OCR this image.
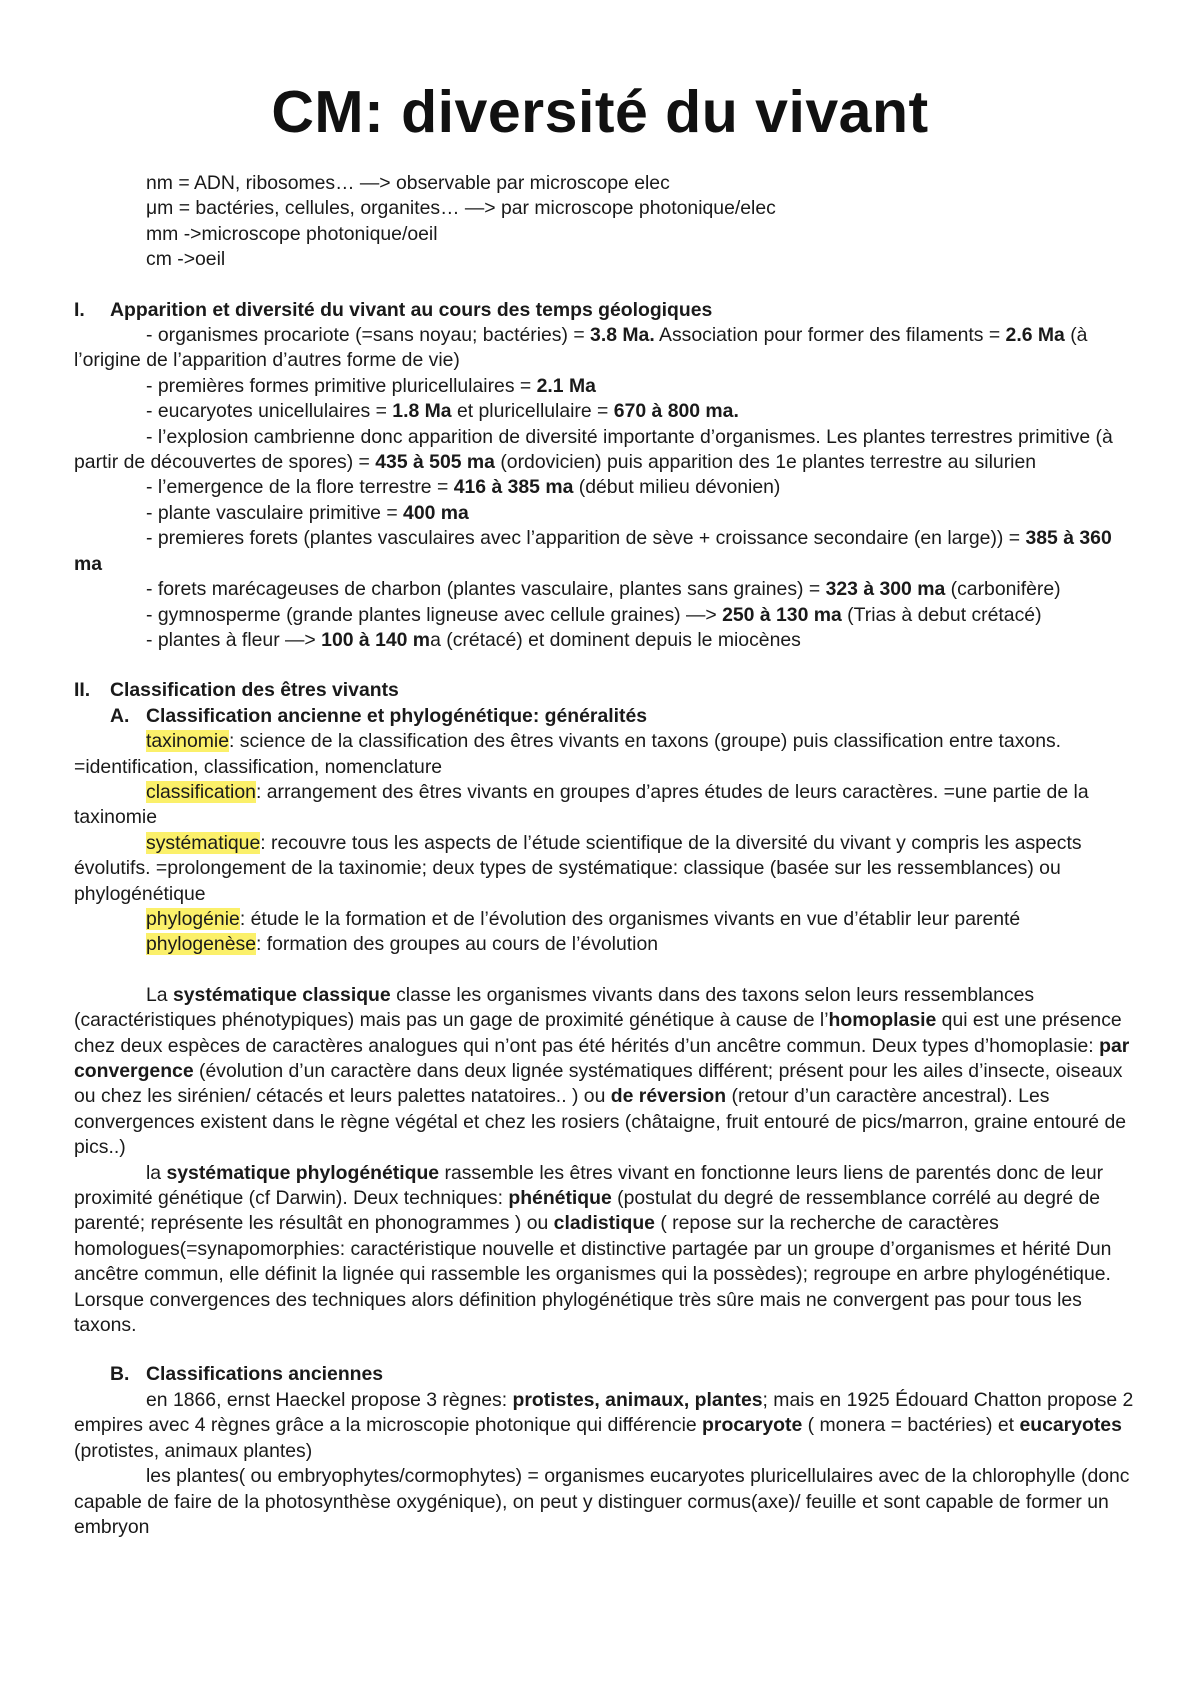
CM: diversité du vivant

nm = ADN, ribosomes… —> observable par microscope elec

μm = bactéries, cellules, organites… —> par microscope photonique/elec

mm ->microscope photonique/oeil

cm ->oeil

I.	Apparition et diversité du vivant au cours des temps géologiques

- organismes procariote (=sans noyau; bactéries) = 3.8 Ma. Association pour former des filaments = 2.6 Ma (à l’origine de l’apparition d’autres forme de vie)

- premières formes primitive pluricellulaires = 2.1 Ma

- eucaryotes unicellulaires = 1.8 Ma et pluricellulaire = 670 à 800 ma.

- l’explosion cambrienne donc apparition de diversité importante d’organismes. Les plantes terrestres primitive (à partir de découvertes de spores) = 435 à 505 ma (ordovicien) puis apparition des 1e plantes terrestre au silurien

- l’emergence de la flore terrestre = 416 à 385 ma (début milieu dévonien)

- plante vasculaire primitive = 400 ma

- premieres forets (plantes vasculaires avec l’apparition de sève + croissance secondaire (en large)) = 385 à 360 ma

- forets marécageuses de charbon (plantes vasculaire, plantes sans graines) = 323 à 300 ma (carbonifère)

- gymnosperme (grande plantes ligneuse avec cellule graines) —> 250 à 130 ma (Trias à debut crétacé)

- plantes à fleur —> 100 à 140 ma (crétacé) et dominent depuis le miocènes

II.	Classification des êtres vivants
A. Classification ancienne et phylogénétique: généralités

taxinomie: science de la classification des êtres vivants en taxons (groupe) puis classification entre taxons. =identification, classification, nomenclature

classification: arrangement des êtres vivants en groupes d’apres études de leurs caractères. =une partie de la taxinomie

systématique: recouvre tous les aspects de l’étude scientifique de la diversité du vivant y compris les aspects évolutifs. =prolongement de la taxinomie; deux types de systématique: classique (basée sur les ressemblances) ou phylogénétique

phylogénie: étude le la formation et de l’évolution des organismes vivants en vue d’établir leur parenté

phylogenèse: formation des groupes au cours de l’évolution

La systématique classique classe les organismes vivants dans des taxons selon leurs ressemblances (caractéristiques phénotypiques) mais pas un gage de proximité génétique à cause de l’homoplasie qui est une présence chez deux espèces de caractères analogues qui n’ont pas été hérités d’un ancêtre commun. Deux types d’homoplasie: par convergence (évolution d’un caractère dans deux lignée systématiques différent; présent pour les ailes d’insecte, oiseaux ou chez les sirénien/ cétacés et leurs palettes natatoires.. ) ou de réversion (retour d’un caractère ancestral). Les convergences existent dans le règne végétal et chez les rosiers (châtaigne, fruit entouré de pics/marron, graine entouré de pics..)

la systématique phylogénétique rassemble les êtres vivant en fonctionne leurs liens de parentés donc de leur proximité génétique (cf Darwin). Deux techniques: phénétique (postulat du degré de ressemblance corrélé au degré de parenté; représente les résultât en phonogrammes ) ou cladistique ( repose sur la recherche de caractères homologues(=synapomorphies: caractéristique nouvelle et distinctive partagée par un groupe d’organismes et hérité Dun ancêtre commun, elle définit la lignée qui rassemble les organismes qui la possèdes); regroupe en arbre phylogénétique. Lorsque convergences des techniques alors définition phylogénétique très sûre mais ne convergent pas pour tous les taxons.

B. Classifications anciennes

en 1866, ernst Haeckel propose 3 règnes: protistes, animaux, plantes; mais en 1925 Édouard Chatton propose 2 empires avec 4 règnes grâce a la microscopie photonique qui différencie procaryote ( monera = bactéries) et eucaryotes (protistes, animaux plantes)

les plantes( ou embryophytes/cormophytes) = organismes eucaryotes pluricellulaires avec de la chlorophylle (donc capable de faire de la photosynthèse oxygénique), on peut y distinguer cormus(axe)/ feuille et sont capable de former un embryon
